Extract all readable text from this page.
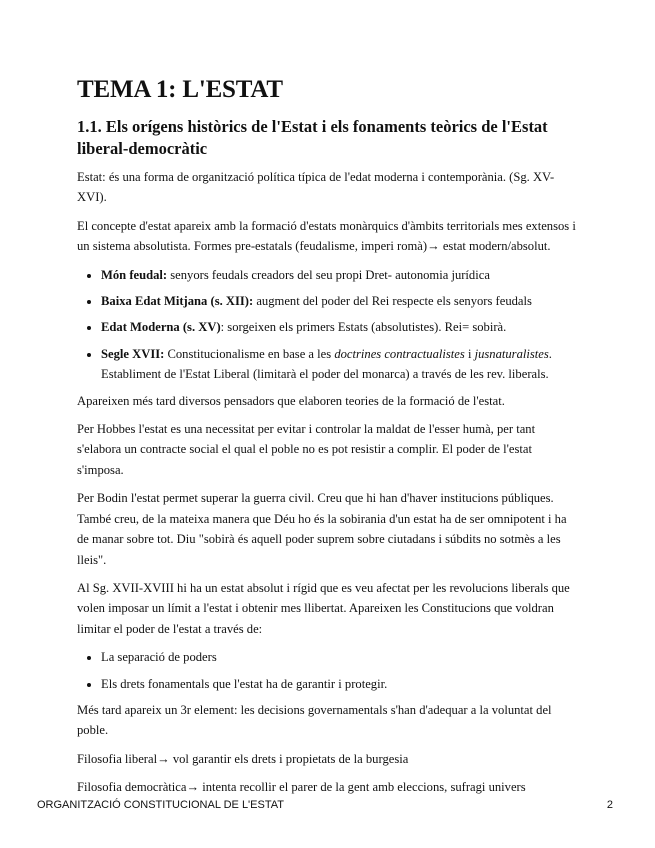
TEMA 1: L'ESTAT
1.1. Els orígens històrics de l'Estat i els fonaments teòrics de l'Estat liberal-democràtic

Estat: és una forma de organització política típica de l'edat moderna i contemporània. (Sg. XV-XVI).

El concepte d'estat apareix amb la formació d'estats monàrquics d'àmbits territorials mes extensos i un sistema absolutista. Formes pre-estatals (feudalisme, imperi romà)→ estat modern/absolut.

• Món feudal: senyors feudals creadors del seu propi Dret- autonomia jurídica
• Baixa Edat Mitjana (s. XII): augment del poder del Rei respecte els senyors feudals
• Edat Moderna (s. XV): sorgeixen els primers Estats (absolutistes). Rei= sobirà.
• Segle XVII: Constitucionalisme en base a les doctrines contractualistes i jusnaturalistes. Establiment de l'Estat Liberal (limitarà el poder del monarca) a través de les rev. liberals.

Apareixen més tard diversos pensadors que elaboren teories de la formació de l'estat.

Per Hobbes l'estat es una necessitat per evitar i controlar la maldat de l'esser humà, per tant s'elabora un contracte social el qual el poble no es pot resistir a complir. El poder de l'estat s'imposa.

Per Bodin l'estat permet superar la guerra civil. Creu que hi han d'haver institucions públiques. També creu, de la mateixa manera que Déu ho és la sobirania d'un estat ha de ser omnipotent i ha de manar sobre tot. Diu "sobirà és aquell poder suprem sobre ciutadans i súbdits no sotmès a les lleis".

Al Sg. XVII-XVIII hi ha un estat absolut i rígid que es veu afectat per les revolucions liberals que volen imposar un límit a l'estat i obtenir mes llibertat. Apareixen les Constitucions que voldran limitar el poder de l'estat a través de:

• La separació de poders
• Els drets fonamentals que l'estat ha de garantir i protegir.

Més tard apareix un 3r element: les decisions governamentals s'han d'adequar a la voluntat del poble.

Filosofia liberal→ vol garantir els drets i propietats de la burgesia

Filosofia democràtica→ intenta recollir el parer de la gent amb eleccions, sufragi univers

ORGANITZACIÓ CONSTITUCIONAL DE L'ESTAT	2
